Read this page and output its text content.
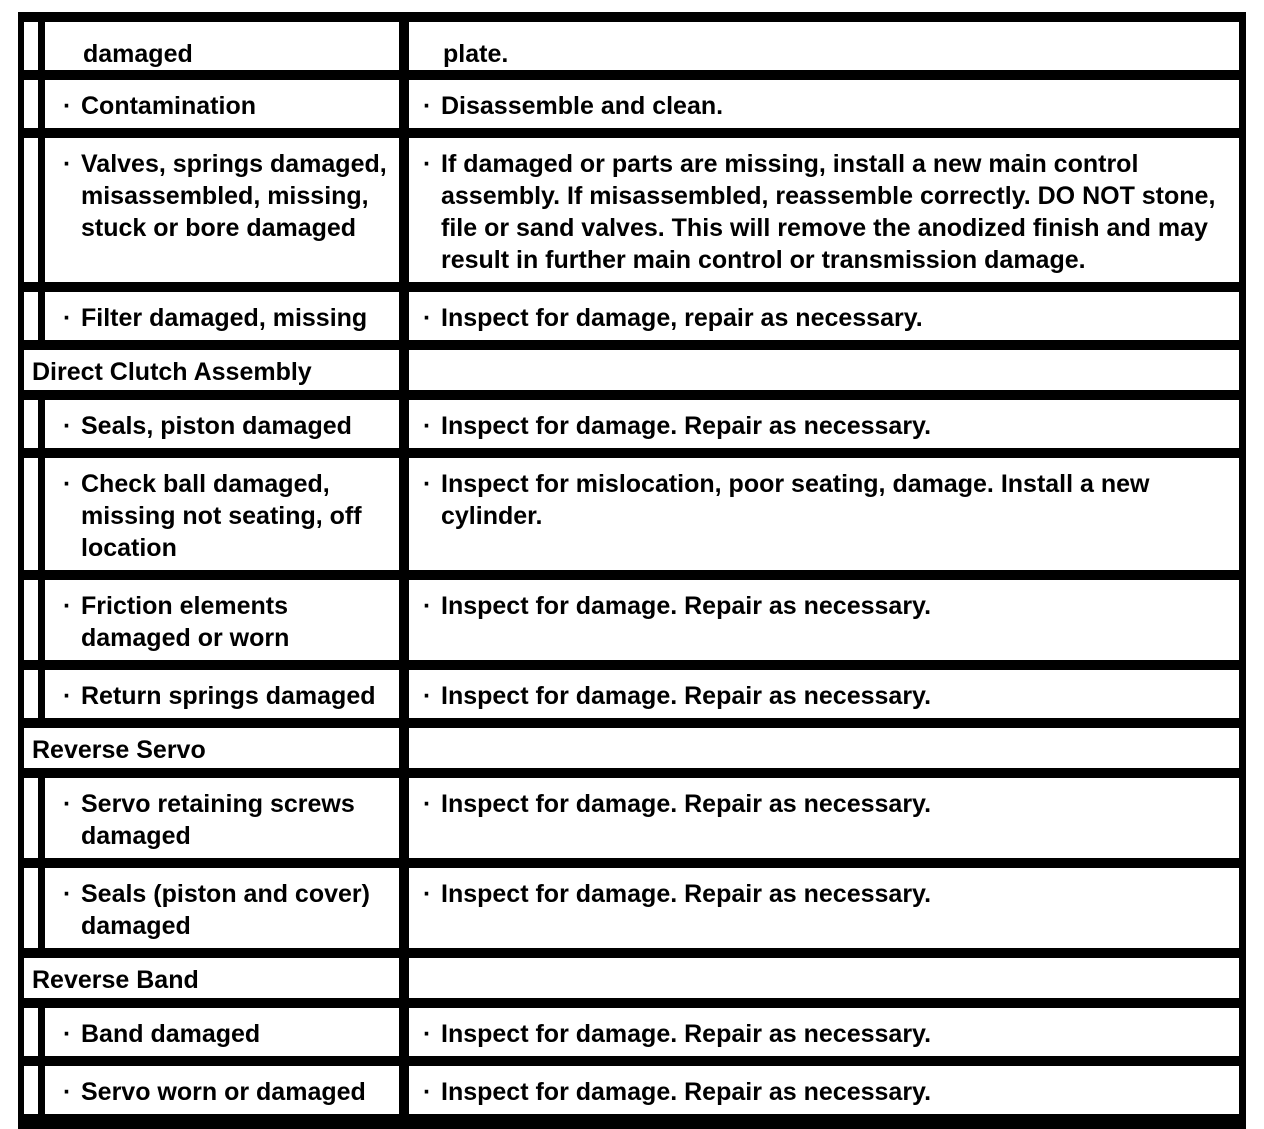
	damaged	plate.

	· Contamination	· Disassemble and clean.

	· Valves, springs damaged, misassembled, missing, stuck or bore damaged	· If damaged or parts are missing, install a new main control assembly. If misassembled, reassemble correctly. DO NOT stone, file or sand valves. This will remove the anodized finish and may result in further main control or transmission damage.

	· Filter damaged, missing	· Inspect for damage, repair as necessary.

Direct Clutch Assembly		

	· Seals, piston damaged	· Inspect for damage. Repair as necessary.

	· Check ball damaged, missing not seating, off location	· Inspect for mislocation, poor seating, damage. Install a new cylinder.

	· Friction elements damaged or worn	· Inspect for damage. Repair as necessary.

	· Return springs damaged	· Inspect for damage. Repair as necessary.

Reverse Servo		

	· Servo retaining screws damaged	· Inspect for damage. Repair as necessary.

	· Seals (piston and cover) damaged	· Inspect for damage. Repair as necessary.

Reverse Band		

	· Band damaged	· Inspect for damage. Repair as necessary.

	· Servo worn or damaged	· Inspect for damage. Repair as necessary.
